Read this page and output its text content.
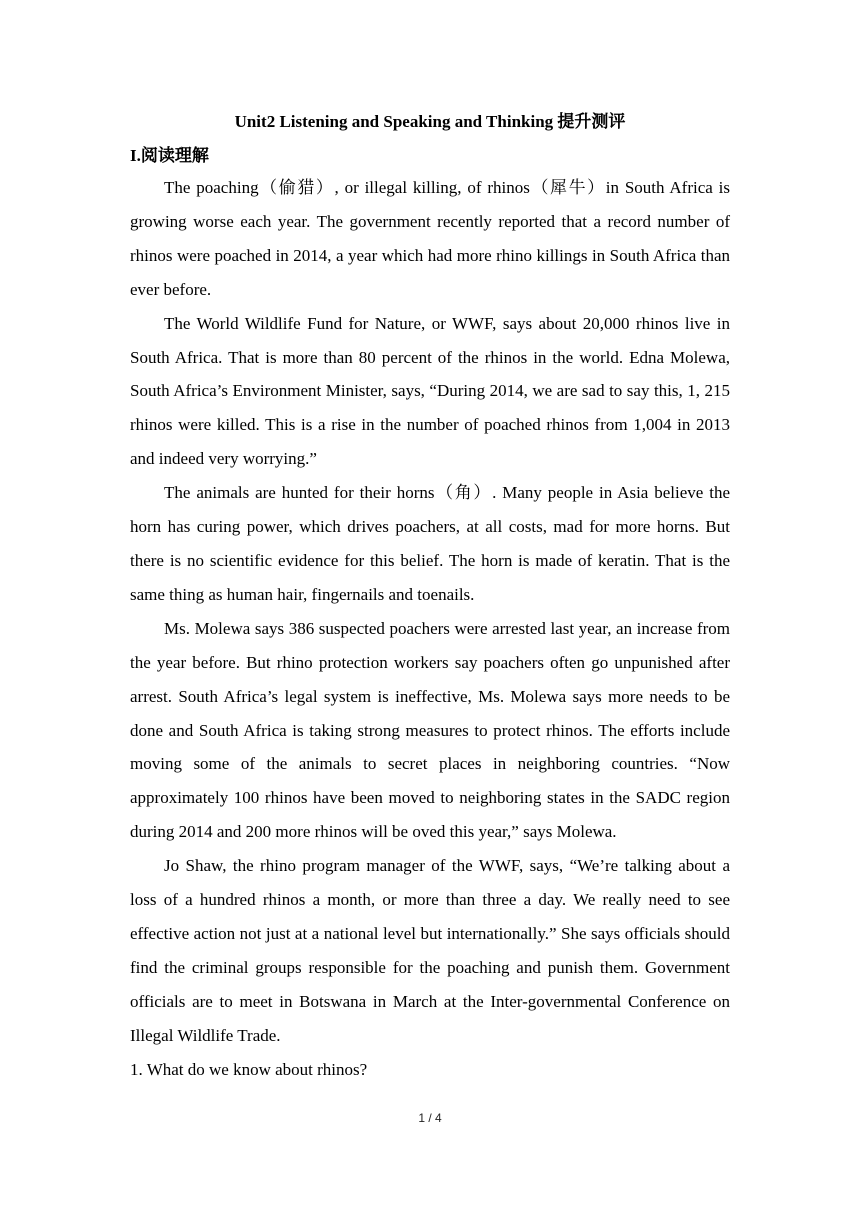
Unit2 Listening and Speaking and Thinking 提升测评
I.阅读理解

The poaching（偷猎）, or illegal killing, of rhinos（犀牛）in South Africa is growing worse each year. The government recently reported that a record number of rhinos were poached in 2014, a year which had more rhino killings in South Africa than ever before.

The World Wildlife Fund for Nature, or WWF, says about 20,000 rhinos live in South Africa. That is more than 80 percent of the rhinos in the world. Edna Molewa, South Africa’s Environment Minister, says, “During 2014, we are sad to say this, 1, 215 rhinos were killed. This is a rise in the number of poached rhinos from 1,004 in 2013 and indeed very worrying.”

The animals are hunted for their horns（角）. Many people in Asia believe the horn has curing power, which drives poachers, at all costs, mad for more horns. But there is no scientific evidence for this belief. The horn is made of keratin. That is the same thing as human hair, fingernails and toenails.

Ms. Molewa says 386 suspected poachers were arrested last year, an increase from the year before. But rhino protection workers say poachers often go unpunished after arrest. South Africa’s legal system is ineffective, Ms. Molewa says more needs to be done and South Africa is taking strong measures to protect rhinos. The efforts include moving some of the animals to secret places in neighboring countries. “Now approximately 100 rhinos have been moved to neighboring states in the SADC region during 2014 and 200 more rhinos will be oved this year,” says Molewa.

Jo Shaw, the rhino program manager of the WWF, says, “We’re talking about a loss of a hundred rhinos a month, or more than three a day. We really need to see effective action not just at a national level but internationally.” She says officials should find the criminal groups responsible for the poaching and punish them. Government officials are to meet in Botswana in March at the Inter-governmental Conference on Illegal Wildlife Trade.

1. What do we know about rhinos?

1 / 4
